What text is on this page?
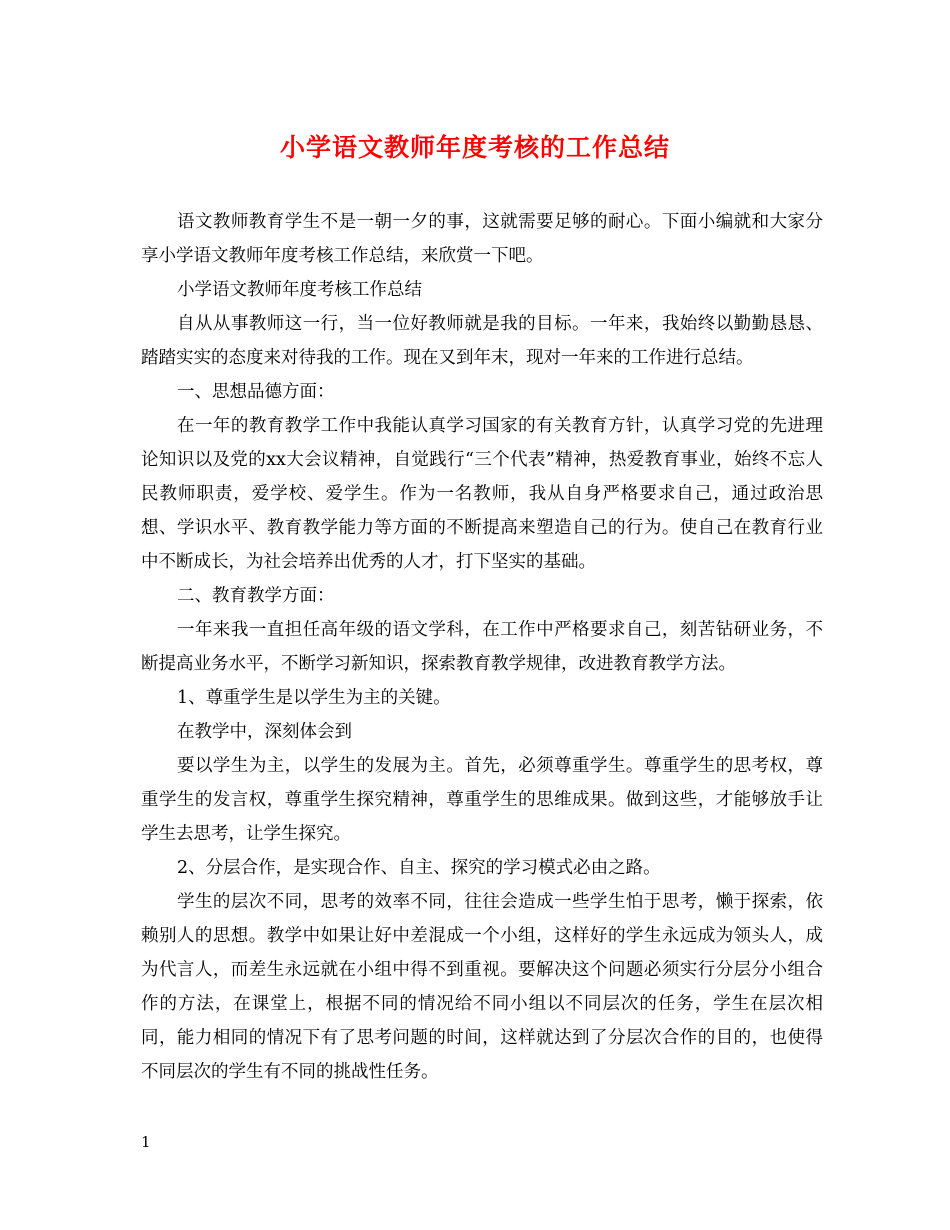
小学语文教师年度考核的工作总结

语文教师教育学生不是一朝一夕的事，这就需要足够的耐心。下面小编就和大家分享小学语文教师年度考核工作总结，来欣赏一下吧。

小学语文教师年度考核工作总结

自从从事教师这一行，当一位好教师就是我的目标。一年来，我始终以勤勤恳恳、踏踏实实的态度来对待我的工作。现在又到年末，现对一年来的工作进行总结。

一、思想品德方面：

在一年的教育教学工作中我能认真学习国家的有关教育方针，认真学习党的先进理论知识以及党的xx大会议精神，自觉践行“三个代表”精神，热爱教育事业，始终不忘人民教师职责，爱学校、爱学生。作为一名教师，我从自身严格要求自己，通过政治思想、学识水平、教育教学能力等方面的不断提高来塑造自己的行为。使自己在教育行业中不断成长，为社会培养出优秀的人才，打下坚实的基础。

二、教育教学方面：

一年来我一直担任高年级的语文学科，在工作中严格要求自己，刻苦钻研业务，不断提高业务水平，不断学习新知识，探索教育教学规律，改进教育教学方法。

1、尊重学生是以学生为主的关键。

在教学中，深刻体会到

要以学生为主，以学生的发展为主。首先，必须尊重学生。尊重学生的思考权，尊重学生的发言权，尊重学生探究精神，尊重学生的思维成果。做到这些，才能够放手让学生去思考，让学生探究。

2、分层合作，是实现合作、自主、探究的学习模式必由之路。

学生的层次不同，思考的效率不同，往往会造成一些学生怕于思考，懒于探索，依赖别人的思想。教学中如果让好中差混成一个小组，这样好的学生永远成为领头人，成为代言人，而差生永远就在小组中得不到重视。要解决这个问题必须实行分层分小组合作的方法，在课堂上，根据不同的情况给不同小组以不同层次的任务，学生在层次相同，能力相同的情况下有了思考问题的时间，这样就达到了分层次合作的目的，也使得不同层次的学生有不同的挑战性任务。

1
